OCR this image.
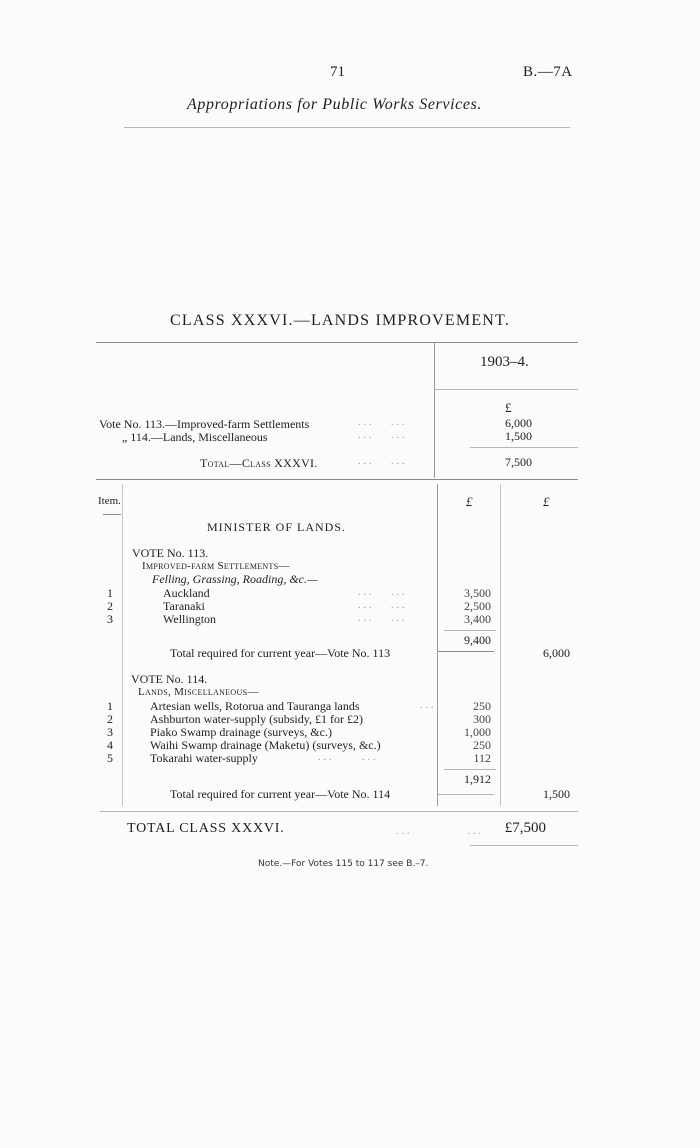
71	B.—7A
Appropriations for Public Works Services.
CLASS XXXVI.—LANDS IMPROVEMENT.
1903–4.
£
Vote No. 113.—Improved-farm Settlements	...   ...	6,000
„ 114.—Lands, Miscellaneous	...   ...	1,500
Total—Class XXXVI.	...   ...	7,500
Item.	£	£
MINISTER OF LANDS.
VOTE No. 113.
Improved-farm Settlements—
Felling, Grassing, Roading, &c.—
1	Auckland	...   ...	3,500
2	Taranaki	...   ...	2,500
3	Wellington	...   ...	3,400
9,400
Total required for current year—Vote No. 113	6,000
VOTE No. 114.
Lands, Miscellaneous—
1	Artesian wells, Rotorua and Tauranga lands	...	250
2	Ashburton water-supply (subsidy, £1 for £2)	300
3	Piako Swamp drainage (surveys, &c.)	1,000
4	Waihi Swamp drainage (Maketu) (surveys, &c.)	250
5	Tokarahi water-supply	...     ...	112
1,912
Total required for current year—Vote No. 114	1,500
TOTAL CLASS XXXVI.	...          ...	£7,500
Note.—For Votes 115 to 117 see B.–7.
